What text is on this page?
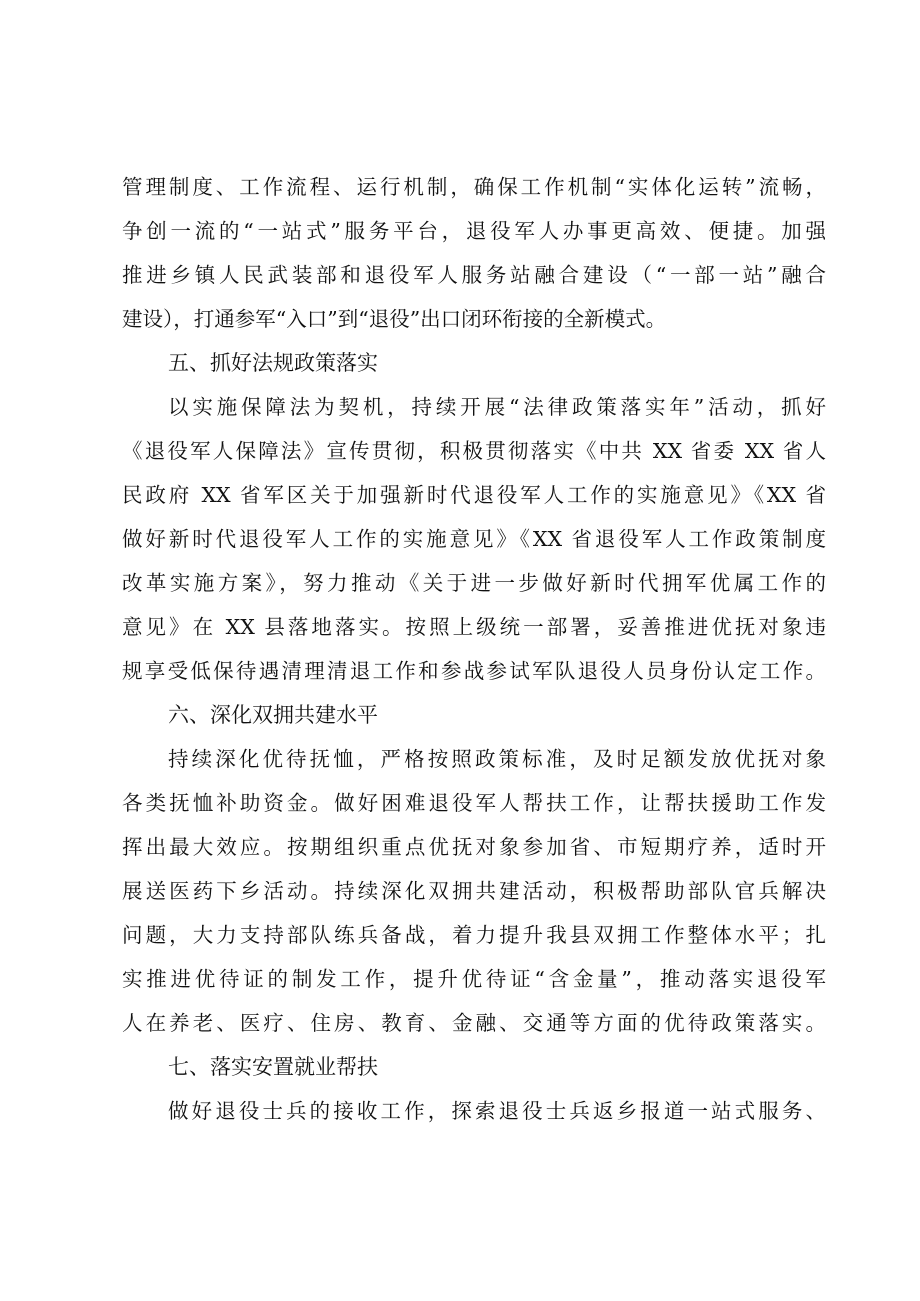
管理制度、工作流程、运行机制，确保工作机制“实体化运转”流畅，
争创一流的“一站式”服务平台，退役军人办事更高效、便捷。加强
推进乡镇人民武装部和退役军人服务站融合建设（“一部一站”融合
建设），打通参军“入口”到“退役”出口闭环衔接的全新模式。
五、抓好法规政策落实
以实施保障法为契机，持续开展“法律政策落实年”活动，抓好
《退役军人保障法》宣传贯彻，积极贯彻落实《中共 XX 省委 XX 省人
民政府 XX 省军区关于加强新时代退役军人工作的实施意见》《XX 省
做好新时代退役军人工作的实施意见》《XX 省退役军人工作政策制度
改革实施方案》，努力推动《关于进一步做好新时代拥军优属工作的
意见》在 XX 县落地落实。按照上级统一部署，妥善推进优抚对象违
规享受低保待遇清理清退工作和参战参试军队退役人员身份认定工作。
六、深化双拥共建水平
持续深化优待抚恤，严格按照政策标准，及时足额发放优抚对象
各类抚恤补助资金。做好困难退役军人帮扶工作，让帮扶援助工作发
挥出最大效应。按期组织重点优抚对象参加省、市短期疗养，适时开
展送医药下乡活动。持续深化双拥共建活动，积极帮助部队官兵解决
问题，大力支持部队练兵备战，着力提升我县双拥工作整体水平；扎
实推进优待证的制发工作，提升优待证“含金量”，推动落实退役军
人在养老、医疗、住房、教育、金融、交通等方面的优待政策落实。
七、落实安置就业帮扶
做好退役士兵的接收工作，探索退役士兵返乡报道一站式服务、
